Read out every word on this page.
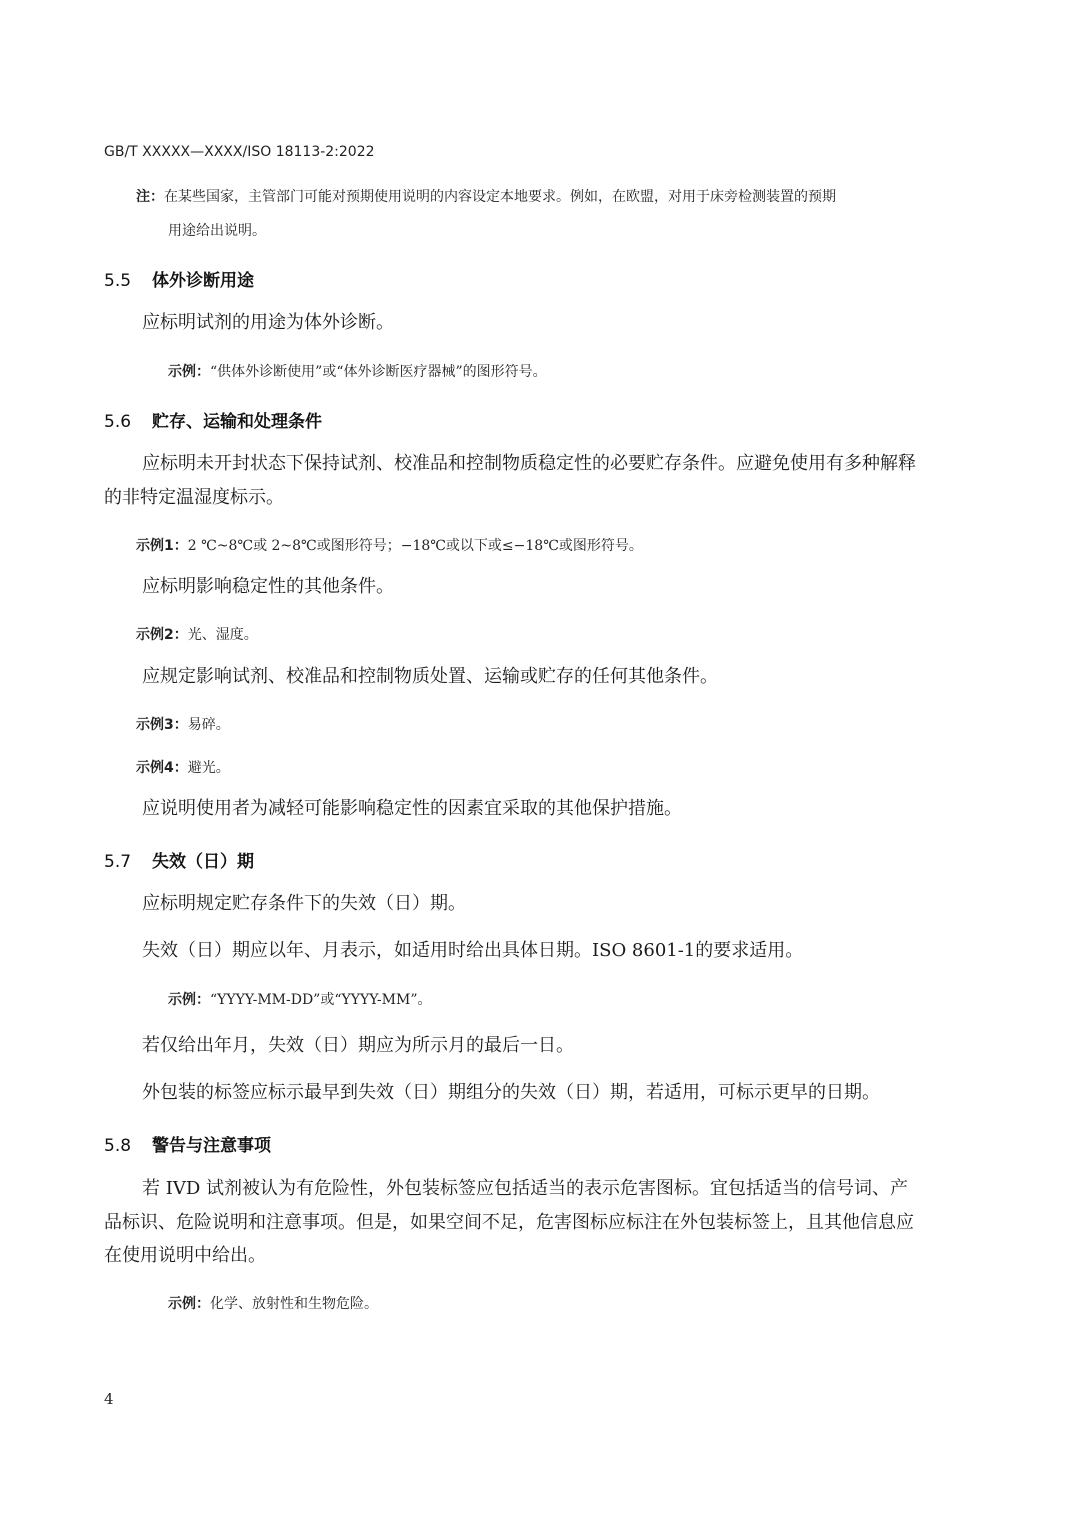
GB/T XXXXX—XXXX/ISO 18113-2:2022
注：在某些国家，主管部门可能对预期使用说明的内容设定本地要求。例如，在欧盟，对用于床旁检测装置的预期
用途给出说明。
5.5 体外诊断用途
应标明试剂的用途为体外诊断。
示例：“供体外诊断使用”或“体外诊断医疗器械”的图形符号。
5.6 贮存、运输和处理条件
应标明未开封状态下保持试剂、校准品和控制物质稳定性的必要贮存条件。应避免使用有多种解释
的非特定温湿度标示。
示例1：2 ℃~8℃或 2~8℃或图形符号；−18℃或以下或≤−18℃或图形符号。
应标明影响稳定性的其他条件。
示例2：光、湿度。
应规定影响试剂、校准品和控制物质处置、运输或贮存的任何其他条件。
示例3：易碎。
示例4：避光。
应说明使用者为减轻可能影响稳定性的因素宜采取的其他保护措施。
5.7 失效（日）期
应标明规定贮存条件下的失效（日）期。
失效（日）期应以年、月表示，如适用时给出具体日期。ISO 8601-1的要求适用。
示例：“YYYY-MM-DD”或“YYYY-MM”。
若仅给出年月，失效（日）期应为所示月的最后一日。
外包装的标签应标示最早到失效（日）期组分的失效（日）期，若适用，可标示更早的日期。
5.8 警告与注意事项
若 IVD 试剂被认为有危险性，外包装标签应包括适当的表示危害图标。宜包括适当的信号词、产
品标识、危险说明和注意事项。但是，如果空间不足，危害图标应标注在外包装标签上，且其他信息应
在使用说明中给出。
示例：化学、放射性和生物危险。
4
